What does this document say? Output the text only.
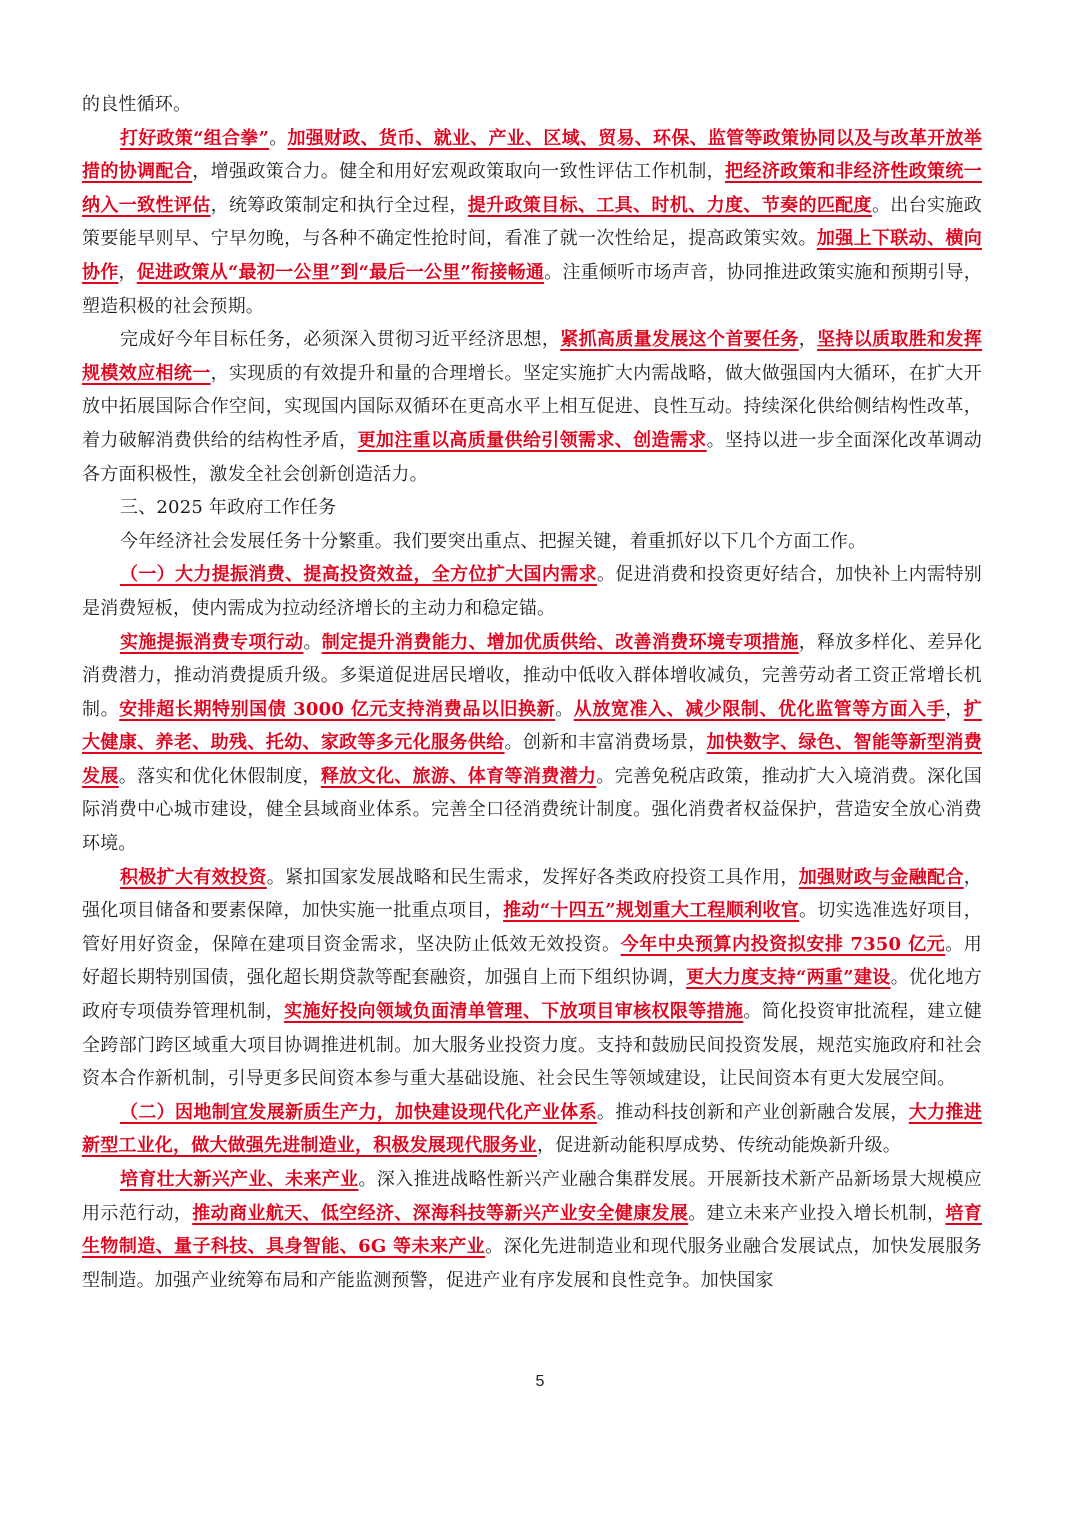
的良性循环。

打好政策“组合拳”。加强财政、货币、就业、产业、区域、贸易、环保、监管等政策协同以及与改革开放举措的协调配合，增强政策合力。健全和用好宏观政策取向一致性评估工作机制，把经济政策和非经济性政策统一纳入一致性评估，统筹政策制定和执行全过程，提升政策目标、工具、时机、力度、节奏的匹配度。出台实施政策要能早则早、宁早勿晚，与各种不确定性抢时间，看准了就一次性给足，提高政策实效。加强上下联动、横向协作，促进政策从“最初一公里”到“最后一公里”衔接畅通。注重倾听市场声音，协同推进政策实施和预期引导，塑造积极的社会预期。

完成好今年目标任务，必须深入贯彻习近平经济思想，紧抓高质量发展这个首要任务，坚持以质取胜和发挥规模效应相统一，实现质的有效提升和量的合理增长。坚定实施扩大内需战略，做大做强国内大循环，在扩大开放中拓展国际合作空间，实现国内国际双循环在更高水平上相互促进、良性互动。持续深化供给侧结构性改革，着力破解消费供给的结构性矛盾，更加注重以高质量供给引领需求、创造需求。坚持以进一步全面深化改革调动各方面积极性，激发全社会创新创造活力。

三、2025 年政府工作任务

今年经济社会发展任务十分繁重。我们要突出重点、把握关键，着重抓好以下几个方面工作。

（一）大力提振消费、提高投资效益，全方位扩大国内需求。促进消费和投资更好结合，加快补上内需特别是消费短板，使内需成为拉动经济增长的主动力和稳定锚。

实施提振消费专项行动。制定提升消费能力、增加优质供给、改善消费环境专项措施，释放多样化、差异化消费潜力，推动消费提质升级。多渠道促进居民增收，推动中低收入群体增收减负，完善劳动者工资正常增长机制。安排超长期特别国债 3000 亿元支持消费品以旧换新。从放宽准入、减少限制、优化监管等方面入手，扩大健康、养老、助残、托幼、家政等多元化服务供给。创新和丰富消费场景，加快数字、绿色、智能等新型消费发展。落实和优化休假制度，释放文化、旅游、体育等消费潜力。完善免税店政策，推动扩大入境消费。深化国际消费中心城市建设，健全县域商业体系。完善全口径消费统计制度。强化消费者权益保护，营造安全放心消费环境。

积极扩大有效投资。紧扣国家发展战略和民生需求，发挥好各类政府投资工具作用，加强财政与金融配合，强化项目储备和要素保障，加快实施一批重点项目，推动“十四五”规划重大工程顺利收官。切实选准选好项目，管好用好资金，保障在建项目资金需求，坚决防止低效无效投资。今年中央预算内投资拟安排 7350 亿元。用好超长期特别国债，强化超长期贷款等配套融资，加强自上而下组织协调，更大力度支持“两重”建设。优化地方政府专项债券管理机制，实施好投向领域负面清单管理、下放项目审核权限等措施。简化投资审批流程，建立健全跨部门跨区域重大项目协调推进机制。加大服务业投资力度。支持和鼓励民间投资发展，规范实施政府和社会资本合作新机制，引导更多民间资本参与重大基础设施、社会民生等领域建设，让民间资本有更大发展空间。

（二）因地制宜发展新质生产力，加快建设现代化产业体系。推动科技创新和产业创新融合发展，大力推进新型工业化，做大做强先进制造业，积极发展现代服务业，促进新动能积厚成势、传统动能焕新升级。

培育壮大新兴产业、未来产业。深入推进战略性新兴产业融合集群发展。开展新技术新产品新场景大规模应用示范行动，推动商业航天、低空经济、深海科技等新兴产业安全健康发展。建立未来产业投入增长机制，培育生物制造、量子科技、具身智能、6G 等未来产业。深化先进制造业和现代服务业融合发展试点，加快发展服务型制造。加强产业统筹布局和产能监测预警，促进产业有序发展和良性竞争。加快国家

5
